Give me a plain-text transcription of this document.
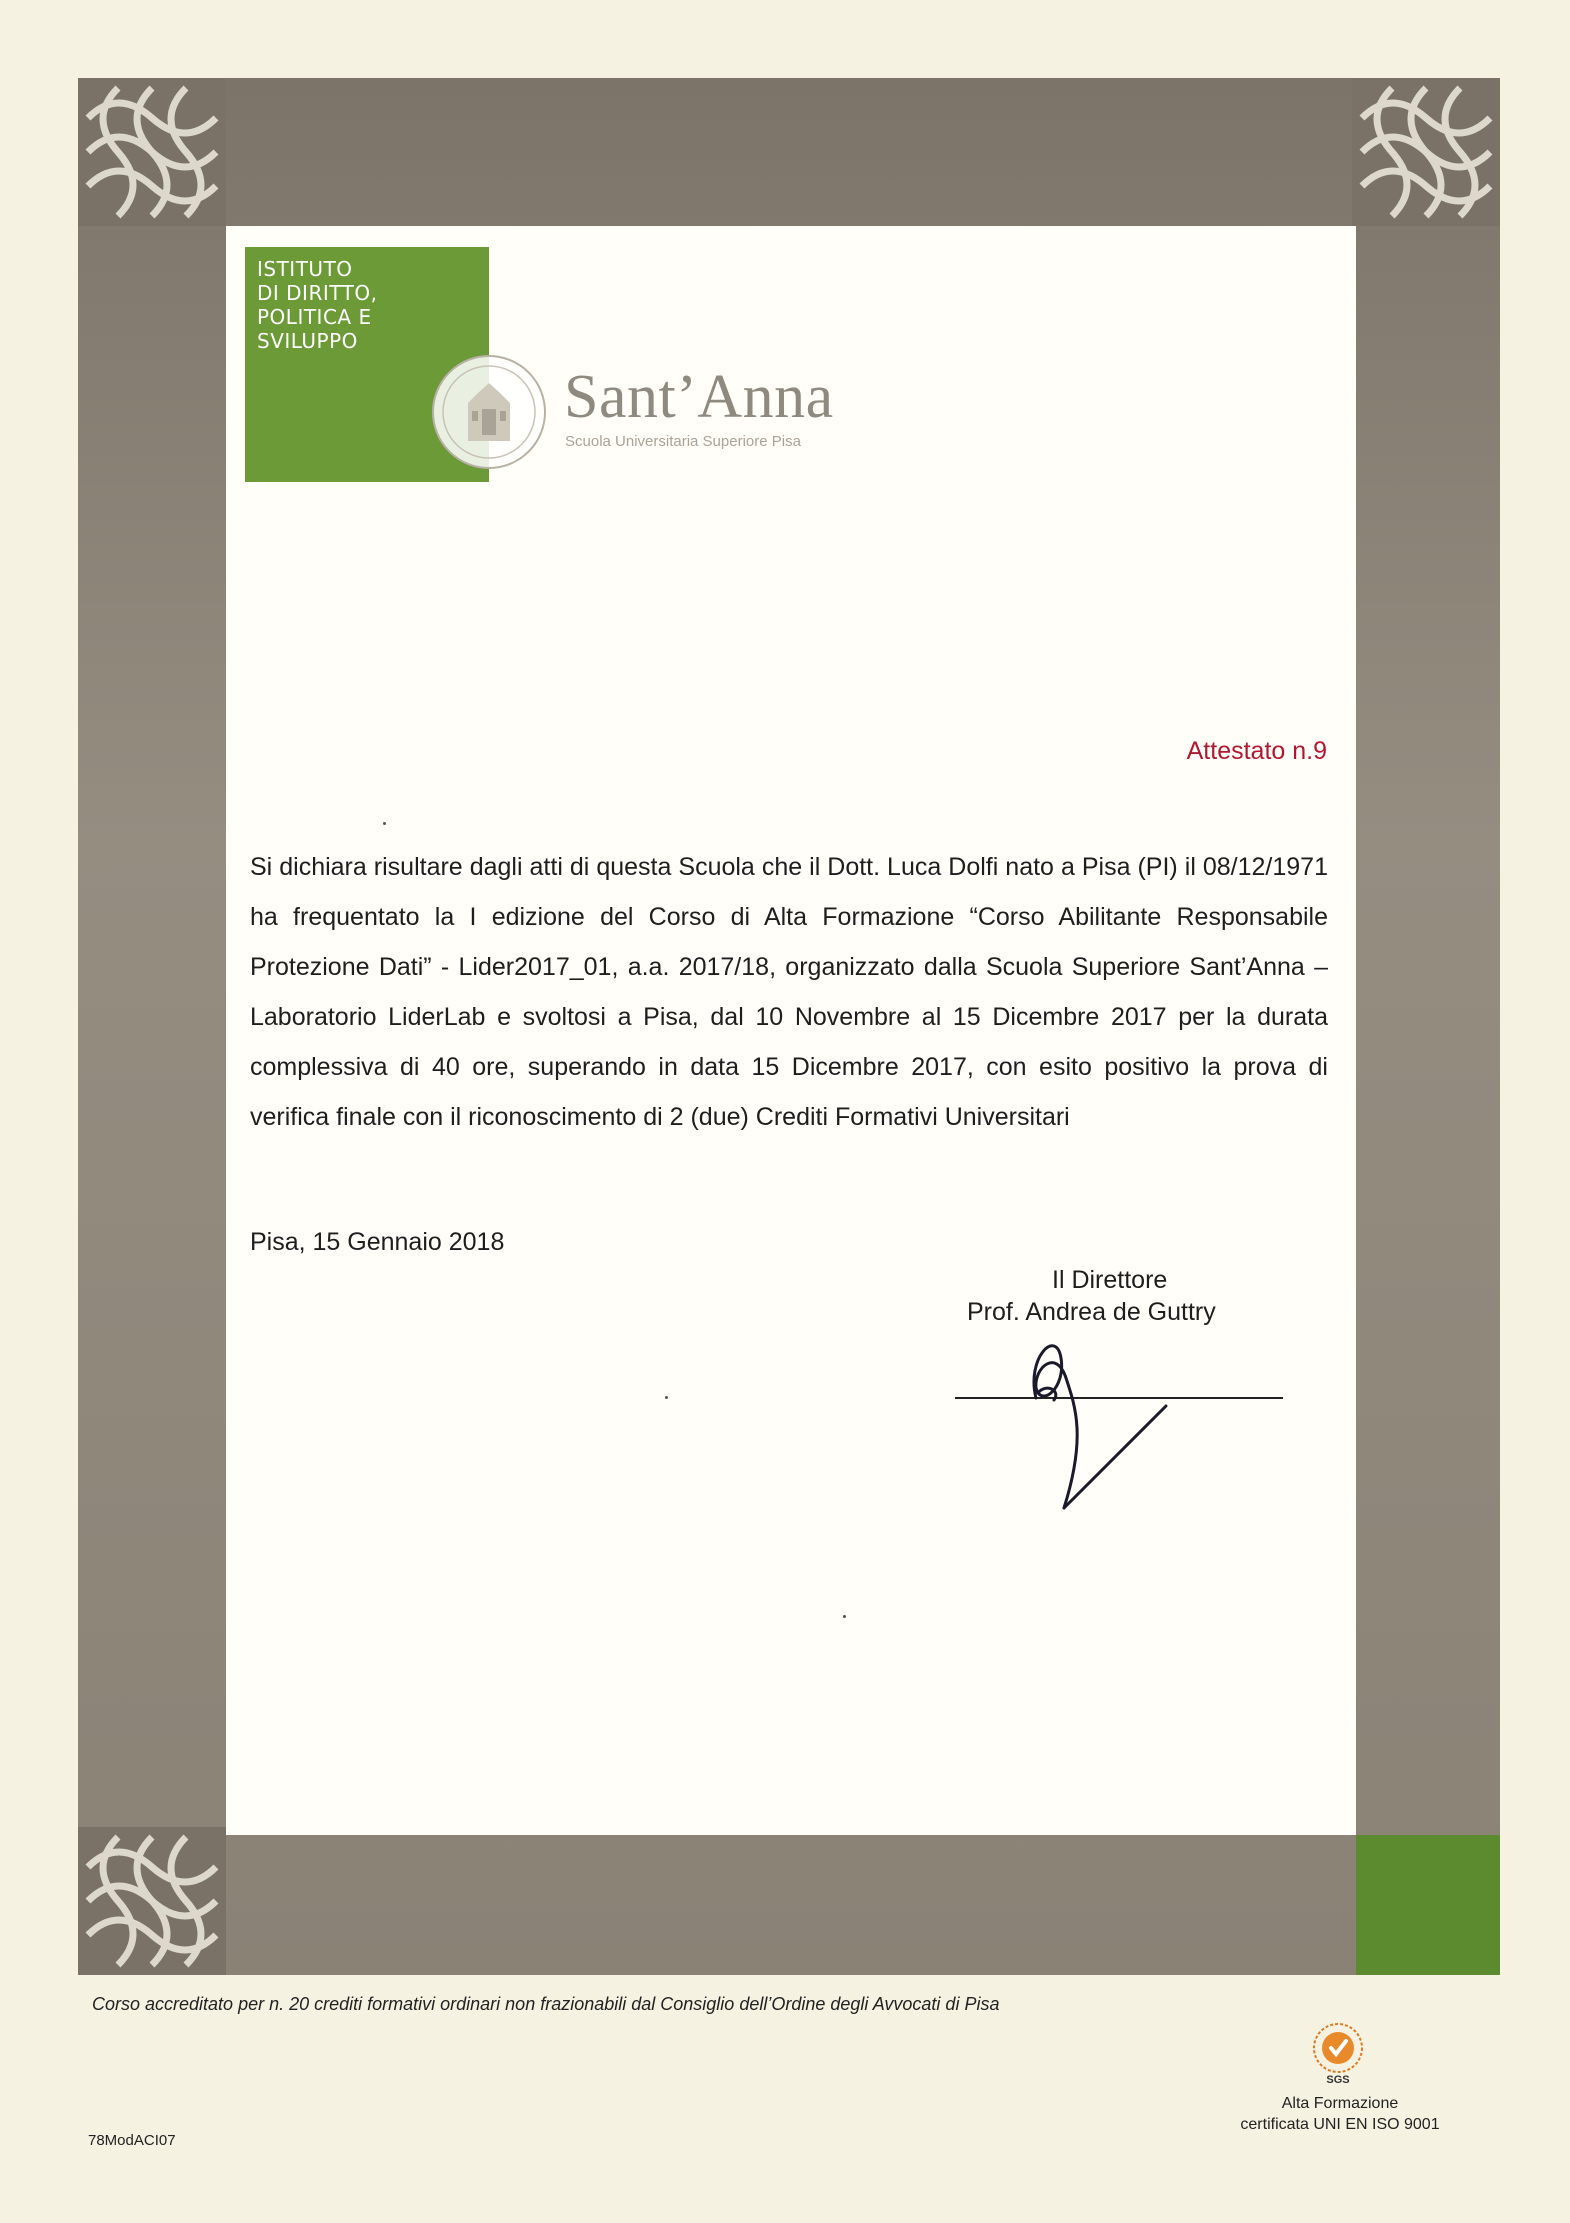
ISTITUTO
DI DIRITTO,
POLITICA E
SVILUPPO
Sant’Anna
Scuola Universitaria Superiore Pisa
Attestato n.9
Si dichiara risultare dagli atti di questa Scuola che il Dott. Luca Dolfi nato a Pisa (PI) il 08/12/1971 ha frequentato la I edizione del Corso di Alta Formazione “Corso Abilitante Responsabile Protezione Dati” - Lider2017_01, a.a. 2017/18, organizzato dalla Scuola Superiore Sant’Anna – Laboratorio LiderLab e svoltosi a Pisa, dal 10 Novembre al 15 Dicembre 2017 per la durata complessiva di 40 ore, superando in data 15 Dicembre 2017, con esito positivo la prova di verifica finale con il riconoscimento di 2 (due) Crediti Formativi Universitari
Pisa, 15 Gennaio 2018
Il Direttore
Prof. Andrea de Guttry
Corso accreditato per n. 20 crediti formativi ordinari non frazionabili dal Consiglio dell’Ordine degli Avvocati di Pisa
SGS
Alta Formazione
certificata UNI EN ISO 9001
78ModACI07
